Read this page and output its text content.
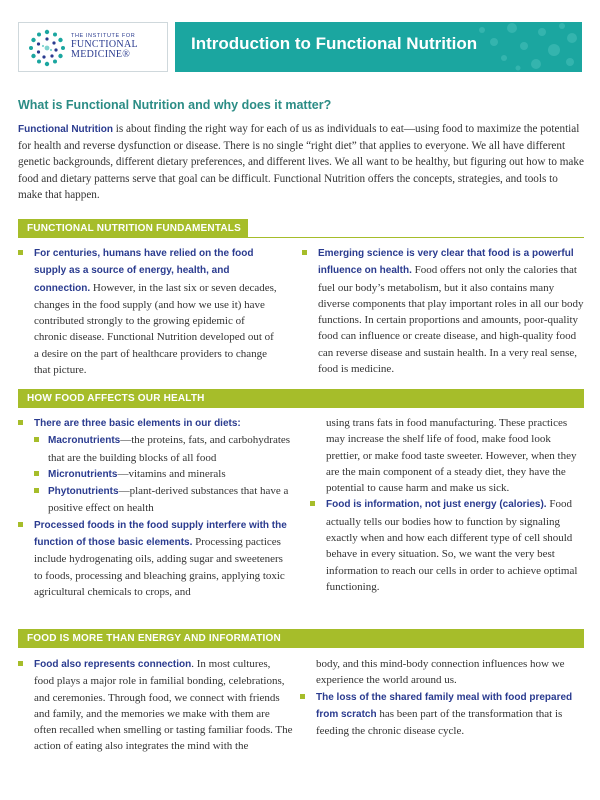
THE INSTITUTE FOR
FUNCTIONAL
MEDICINE®
Introduction to Functional Nutrition
What is Functional Nutrition and why does it matter?

Functional Nutrition is about finding the right way for each of us as individuals to eat—using food to maximize the potential for health and reverse dysfunction or disease. There is no single “right diet” that applies to everyone. We all have different genetic backgrounds, different dietary preferences, and different lives. We all want to be healthy, but figuring out how to make food and dietary patterns serve that goal can be difficult. Functional Nutrition offers the concepts, strategies, and tools to make that happen.

FUNCTIONAL NUTRITION FUNDAMENTALS
For centuries, humans have relied on the food supply as a source of energy, health, and connection. However, in the last six or seven decades, changes in the food supply (and how we use it) have contributed strongly to the growing epidemic of chronic disease. Functional Nutrition developed out of a desire on the part of healthcare providers to change that picture.
Emerging science is very clear that food is a powerful influence on health. Food offers not only the calories that fuel our body’s metabolism, but it also contains many diverse components that play important roles in all our body functions. In certain proportions and amounts, poor-quality food can influence or create disease, and high-quality food can reverse disease and sustain health. In a very real sense, food is medicine.
HOW FOOD AFFECTS OUR HEALTH
There are three basic elements in our diets:
Macronutrients—the proteins, fats, and carbohydrates that are the building blocks of all food
Micronutrients—vitamins and minerals
Phytonutrients—plant-derived substances that have a positive effect on health
Processed foods in the food supply interfere with the function of those basic elements. Processing pactices include hydrogenating oils, adding sugar and sweeteners to foods, processing and bleaching grains, applying toxic agricultural chemicals to crops, and
using trans fats in food manufacturing. These practices may increase the shelf life of food, make food look prettier, or make food taste sweeter. However, when they are the main component of a steady diet, they have the potential to cause harm and make us sick.
Food is information, not just energy (calories). Food actually tells our bodies how to function by signaling exactly when and how each different type of cell should behave in every situation. So, we want the very best information to reach our cells in order to achieve optimal functioning.
FOOD IS MORE THAN ENERGY AND INFORMATION
Food also represents connection. In most cultures, food plays a major role in familial bonding, celebrations, and ceremonies. Through food, we connect with friends and family, and the memories we make with them are often recalled when smelling or tasting familiar foods. The action of eating also integrates the mind with the
body, and this mind-body connection influences how we experience the world around us.
The loss of the shared family meal with food prepared from scratch has been part of the transformation that is feeding the chronic disease cycle.
